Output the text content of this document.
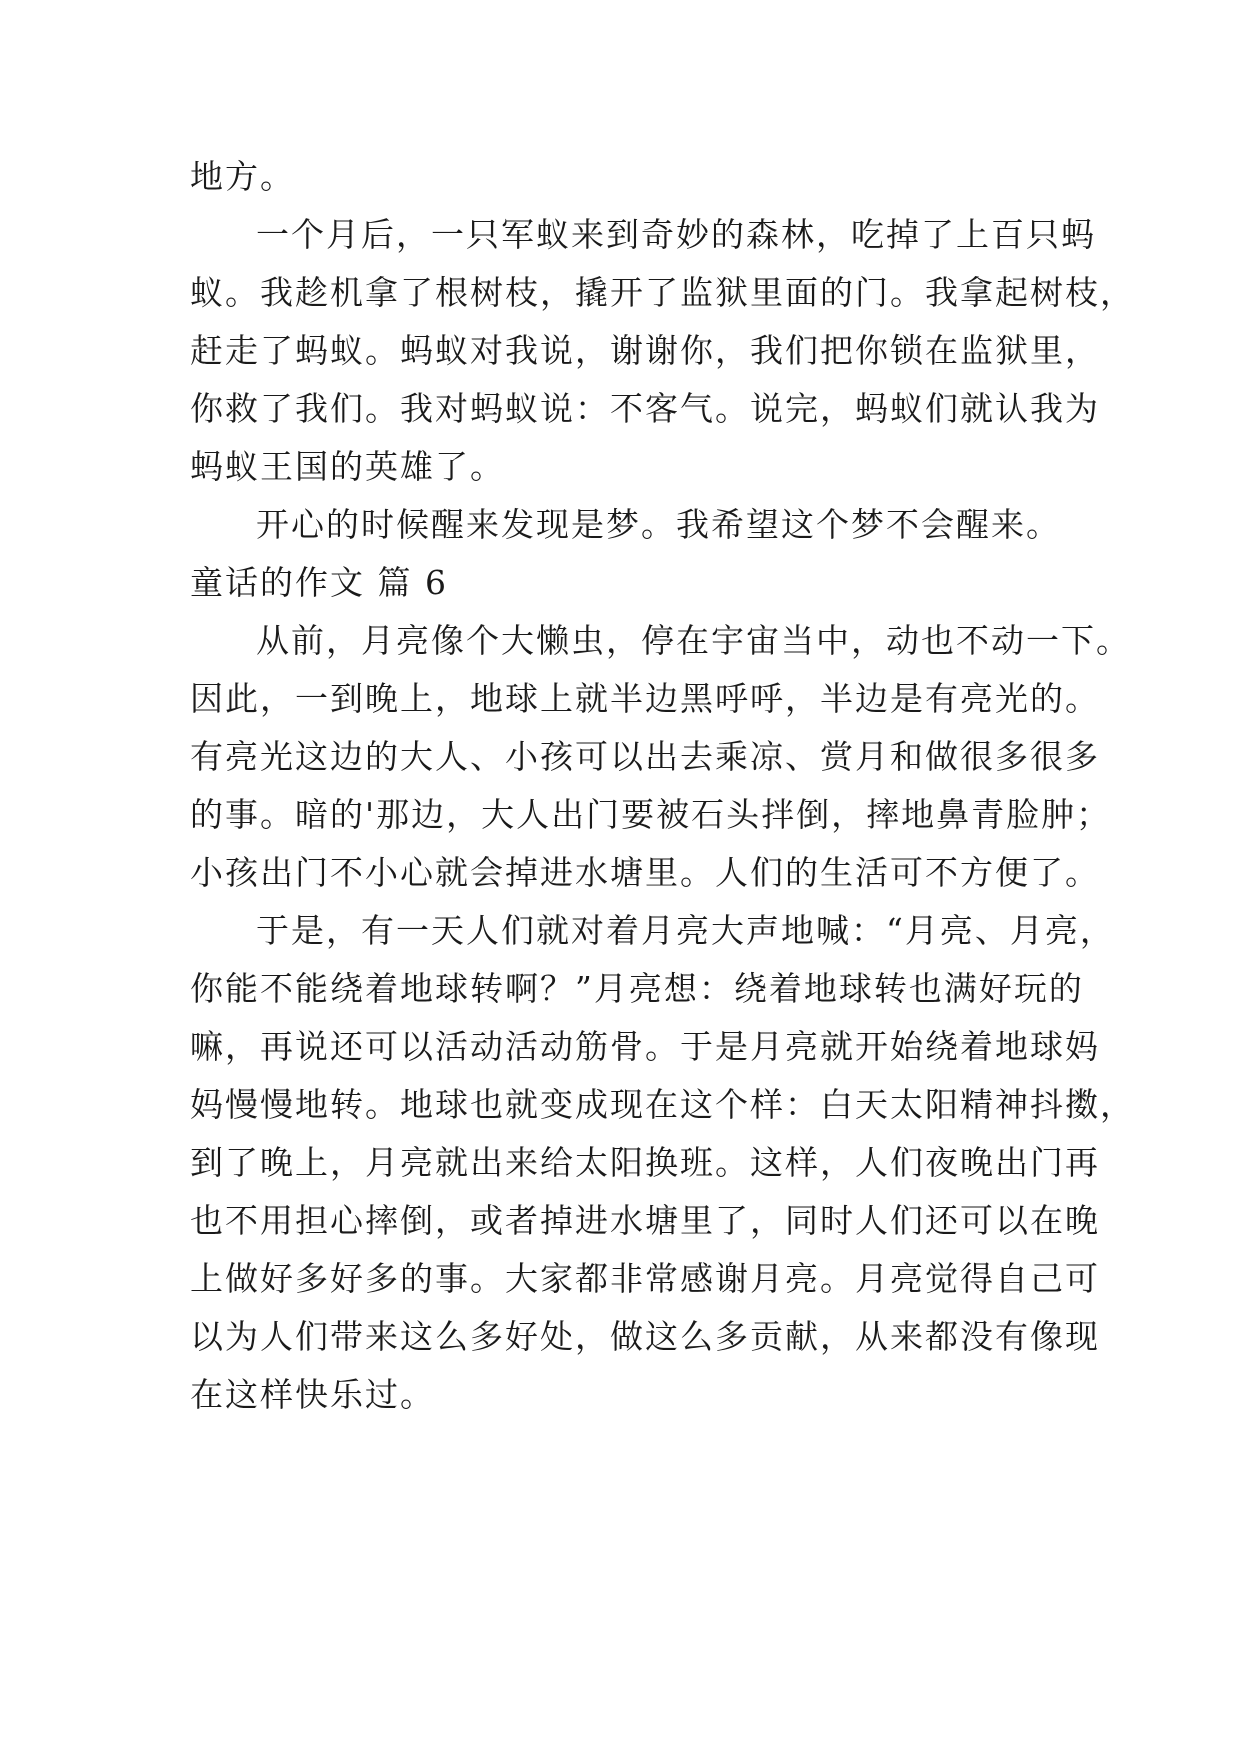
地方。
一个月后，一只军蚁来到奇妙的森林，吃掉了上百只蚂
蚁。我趁机拿了根树枝，撬开了监狱里面的门。我拿起树枝，
赶走了蚂蚁。蚂蚁对我说，谢谢你，我们把你锁在监狱里，
你救了我们。我对蚂蚁说：不客气。说完，蚂蚁们就认我为
蚂蚁王国的英雄了。
开心的时候醒来发现是梦。我希望这个梦不会醒来。
童话的作文 篇 6
从前，月亮像个大懒虫，停在宇宙当中，动也不动一下。
因此，一到晚上，地球上就半边黑呼呼，半边是有亮光的。
有亮光这边的大人、小孩可以出去乘凉、赏月和做很多很多
的事。暗的'那边，大人出门要被石头拌倒，摔地鼻青脸肿；
小孩出门不小心就会掉进水塘里。人们的生活可不方便了。
于是，有一天人们就对着月亮大声地喊：“月亮、月亮，
你能不能绕着地球转啊？”月亮想：绕着地球转也满好玩的
嘛，再说还可以活动活动筋骨。于是月亮就开始绕着地球妈
妈慢慢地转。地球也就变成现在这个样：白天太阳精神抖擞，
到了晚上，月亮就出来给太阳换班。这样，人们夜晚出门再
也不用担心摔倒，或者掉进水塘里了，同时人们还可以在晚
上做好多好多的事。大家都非常感谢月亮。月亮觉得自己可
以为人们带来这么多好处，做这么多贡献，从来都没有像现
在这样快乐过。
